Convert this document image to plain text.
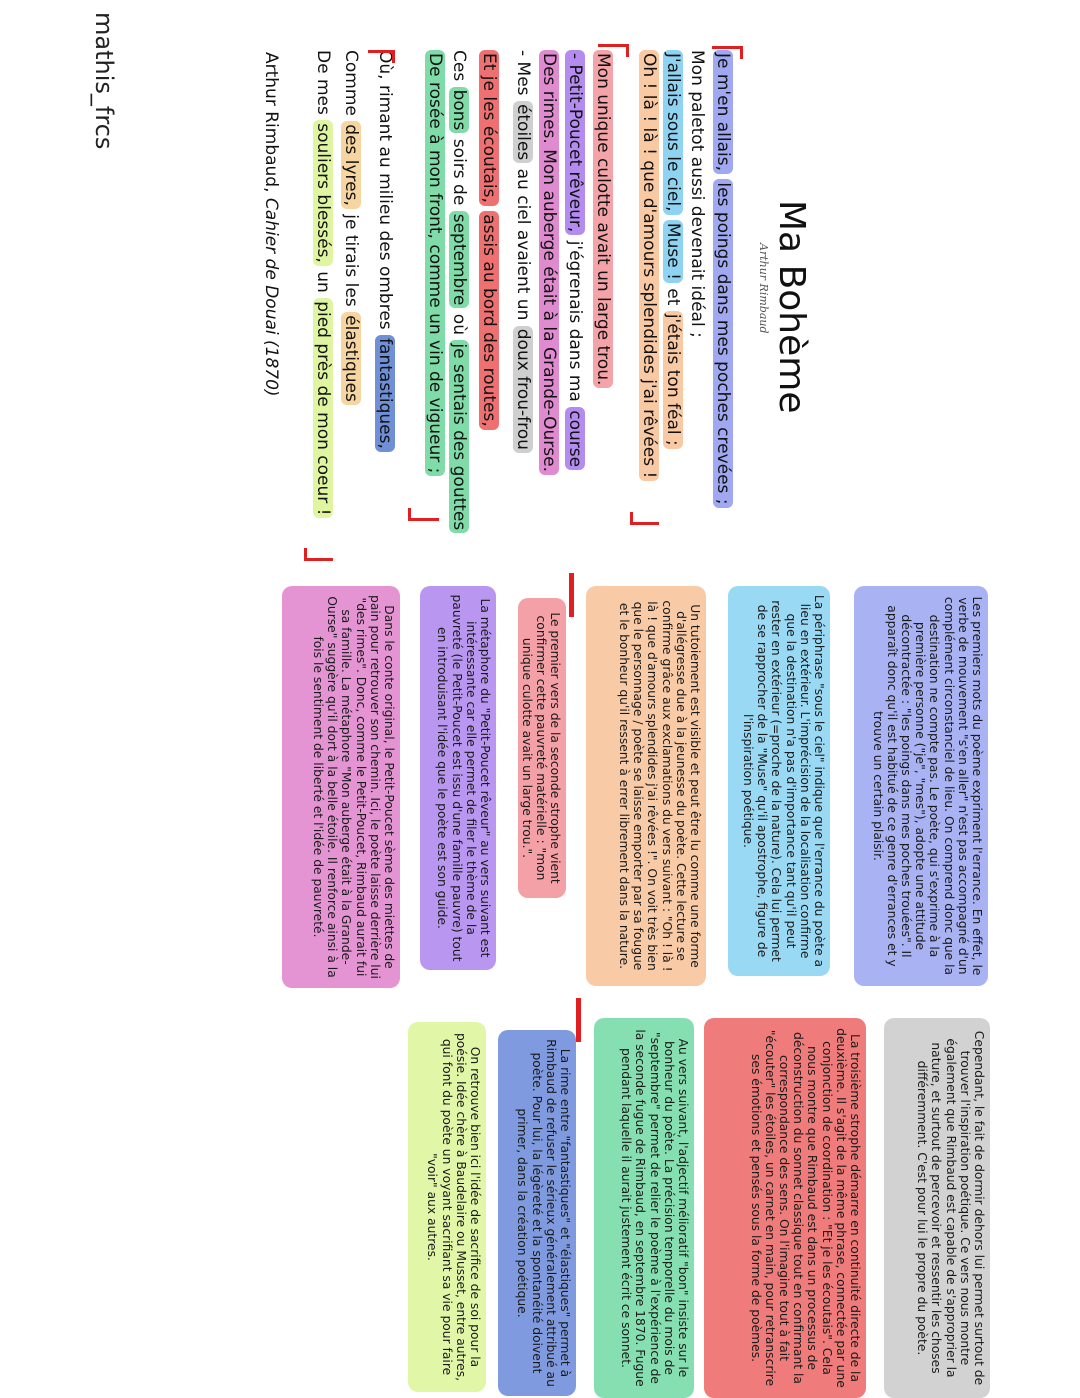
mathis_frcs
Ma Bohème
Arthur Rimbaud
Je m'en allais, les poings dans mes poches crevées ;
Mon paletot aussi devenait idéal ;
J'allais sous le ciel, Muse ! et j'étais ton féal ;
Oh ! là ! là ! que d'amours splendides j'ai rêvées !
Mon unique culotte avait un large trou.
- Petit-Poucet rêveur, j'égrenais dans ma course
Des rimes. Mon auberge était à la Grande-Ourse.
- Mes étoiles au ciel avaient un doux frou-frou
Et je les écoutais, assis au bord des routes,
Ces bons soirs de septembre où je sentais des gouttes
De rosée à mon front, comme un vin de vigueur ;
Où, rimant au milieu des ombres fantastiques,
Comme des lyres, je tirais les élastiques
De mes souliers blessés, un pied près de mon coeur !
Arthur Rimbaud, Cahier de Douai (1870)
Les premiers mots du poème expriment l'errance. En effet, le verbe de mouvement "s'en aller" n'est pas accompagné d'un complément circonstanciel de lieu. On comprend donc que la destination ne compte pas. Le poète, qui s'exprime à la première personne ("je", "mes"), adopte une attitude décontractée : "les poings dans mes poches trouées". Il apparaît donc qu'il est habitué de ce genre d'errances et y trouve un certain plaisir.
La périphrase "sous le ciel" indique que l'errance du poète a lieu en extérieur. L'imprécision de la localisation confirme que la destination n'a pas d'importance tant qu'il peut rester en extérieur (=proche de la nature). Cela lui permet de se rapprocher de la "Muse" qu'il apostrophe, figure de l'inspiration poétique.
Un tutoiement est visible et peut être lu comme une forme d'allégresse due à la jeunesse du poète. Cette lecture se confirme grâce aux exclamations du vers suivant : "Oh ! là ! là ! que d'amours splendides j'ai rêvées !". On voit très bien que le personnage / poète se laisse emporter par sa fougue et le bonheur qu'il ressent à errer librement dans la nature.
Le premier vers de la seconde strophe vient confirmer cette pauvreté matérielle : "mon unique culotte avait un large trou.".
La métaphore du "Petit-Poucet rêveur" au vers suivant est intéressante car elle permet de filer le thème de la pauvreté (le Petit-Poucet est issu d'une famille pauvre) tout en introduisant l'idée que le poète est son guide.
Dans le conte original, le Petit-Poucet sème des miettes de pain pour retrouver son chemin. Ici, le poète laisse derrière lui "des rimes". Donc, comme le Petit-Poucet, Rimbaud aurait fui sa famille. La métaphore "Mon auberge était à la Grande-Ourse" suggère qu'il dort à la belle étoile. Il renforce ainsi à la fois le sentiment de liberté et l'idée de pauvreté.
Cependant, le fait de dormir dehors lui permet surtout de trouver l'inspiration poétique. Ce vers nous montre également que Rimbaud est capable de s'approprier la nature, et surtout de percevoir et ressentir les choses différemment. C'est pour lui le propre du poète.
La troisième strophe démarre en continuité directe de la deuxième. Il s'agit de la même phrase, connectée par une conjonction de coordination : "Et je les écoutais". Cela nous montre que Rimbaud est dans un processus de déconstruction du sonnet classique tout en confirmant la correspondance des sens. On l'imagine tout à fait "écouter" les étoiles, un carnet en main, pour retranscrire ses émotions et pensés sous la forme de poèmes.
Au vers suivant, l'adjectif mélioratif "bon" insiste sur le bonheur du poète. La précision temporelle du mois de "septembre" permet de relier le poème à l'expérience de la seconde fugue de Rimbaud, en septembre 1870. Fugue pendant laquelle il aurait justement écrit ce sonnet.
La rime entre "fantastiques" et "élastiques" permet à Rimbaud de refuser le sérieux généralement attribué au poète. Pour lui, la légèreté et la spontanéité doivent primer, dans la création poétique.
On retrouve bien ici l'idée de sacrifice de soi pour la poésie. Idée chère à Baudelaire ou Musset, entre autres, qui font du poète un voyant sacrifiant sa vie pour faire "voir" aux autres.
